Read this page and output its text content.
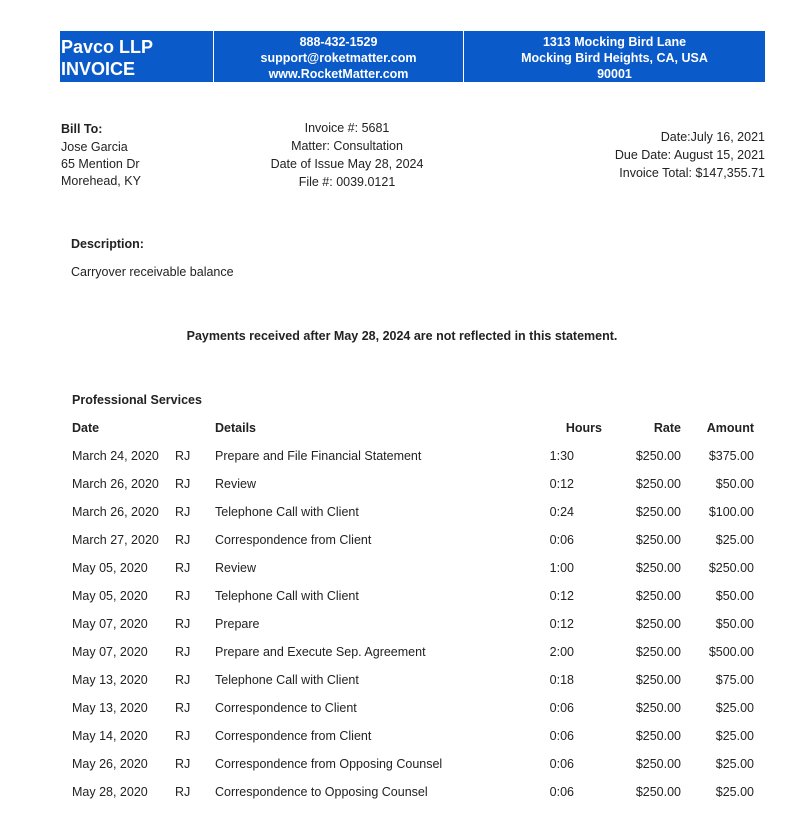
Pavco LLP
INVOICE
888-432-1529
support@roketmatter.com
www.RocketMatter.com
1313 Mocking Bird Lane
Mocking Bird Heights, CA, USA
90001
Bill To:
Jose Garcia
65 Mention Dr
Morehead, KY
Invoice #: 5681
Matter: Consultation
Date of Issue May 28, 2024
File #: 0039.0121
Date:July 16, 2021
Due Date: August 15, 2021
Invoice Total: $147,355.71
Description:
Carryover receivable balance
Payments received after May 28, 2024 are not reflected in this statement.
Professional Services
Date	Details	Hours	Rate Amount
March 24, 2020 RJ Prepare and File Financial Statement	1:30	$250.00 $375.00
March 26, 2020 RJ Review	0:12	$250.00	$50.00
March 26, 2020 RJ Telephone Call with Client	0:24	$250.00 $100.00
March 27, 2020 RJ Correspondence from Client	0:06	$250.00	$25.00
May 05, 2020 RJ Review	1:00	$250.00 $250.00
May 05, 2020 RJ Telephone Call with Client	0:12	$250.00	$50.00
May 07, 2020 RJ Prepare	0:12	$250.00	$50.00
May 07, 2020 RJ Prepare and Execute Sep. Agreement	2:00	$250.00 $500.00
May 13, 2020 RJ Telephone Call with Client	0:18	$250.00	$75.00
May 13, 2020 RJ Correspondence to Client	0:06	$250.00	$25.00
May 14, 2020 RJ Correspondence from Client	0:06	$250.00	$25.00
May 26, 2020 RJ Correspondence from Opposing Counsel	0:06	$250.00	$25.00
May 28, 2020 RJ Correspondence to Opposing Counsel	0:06	$250.00	$25.00
